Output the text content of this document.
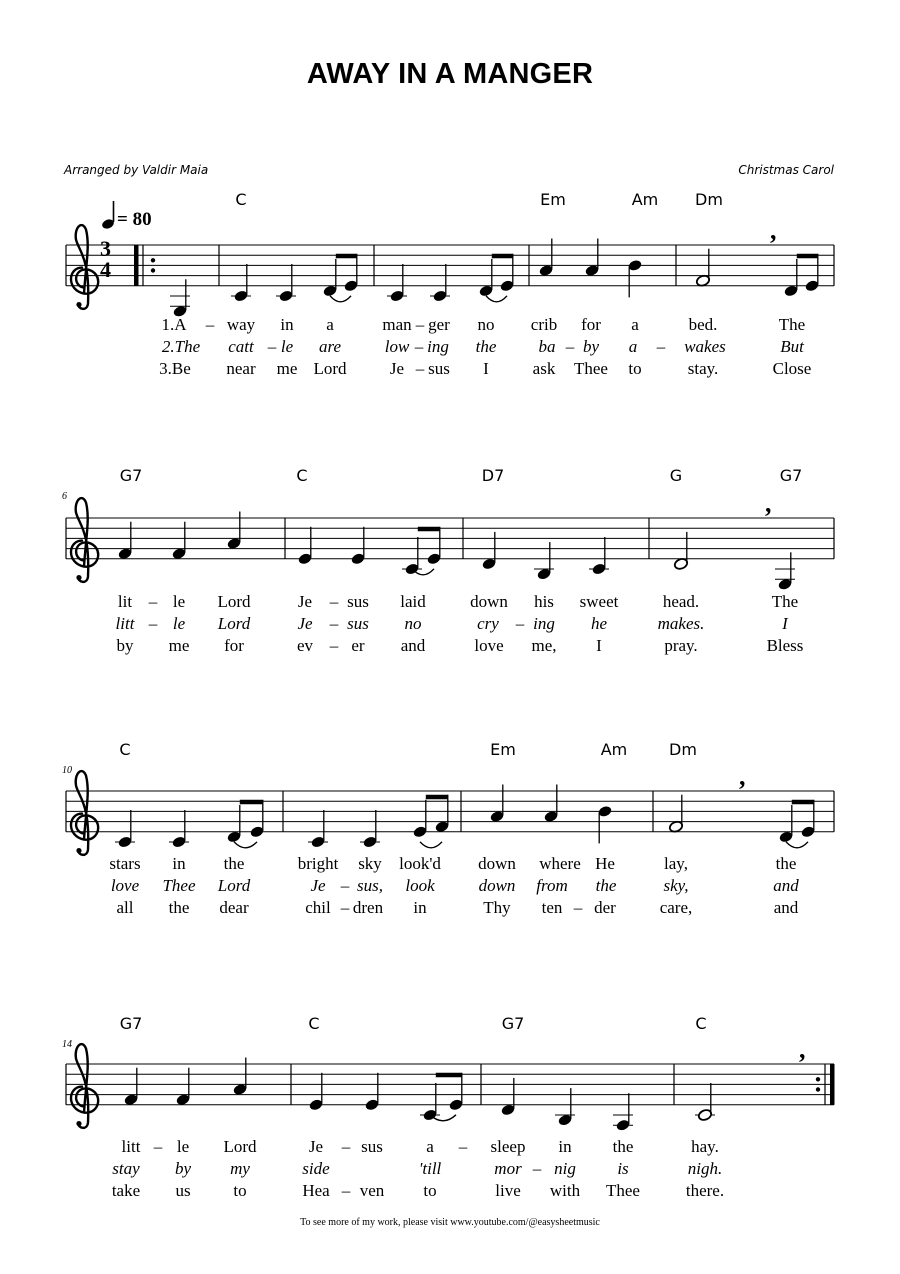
AWAY IN A MANGER
Arranged by Valdir Maia	Christmas Carol
To see more of my work, please visit www.youtube.com/@easysheetmusic
= 80
3
4
C	Em	Am Dm
G7	C	D7	G	G7
C	Em	Am	Dm
G7	C	G7	C
1.A – way in a	man – ger no crib for a	bed.	The
2.The catt – le are	low – ing the ba – by a – wakes	But
3.Be near me Lord	Je – sus I	ask Thee to	stay.	Close
lit – le Lord	Je – sus laid	down his sweet	head.	The
litt – le Lord	Je – sus no	cry – ing he	makes.	I
by me for	ev – er and	love me, I	pray.	Bless
stars in the	bright sky look'd down where He	lay,	the
love Thee Lord	Je – sus, look	down from the	sky,	and
all the dear	chil – dren in	Thy ten – der	care,	and
litt – le Lord	Je – sus	a – sleep in the	hay.
stay by my	side	'till	mor – nig is	nigh.
take us	to	Hea – ven to	live with Thee	there.
,
,
6
,
10
,
14
